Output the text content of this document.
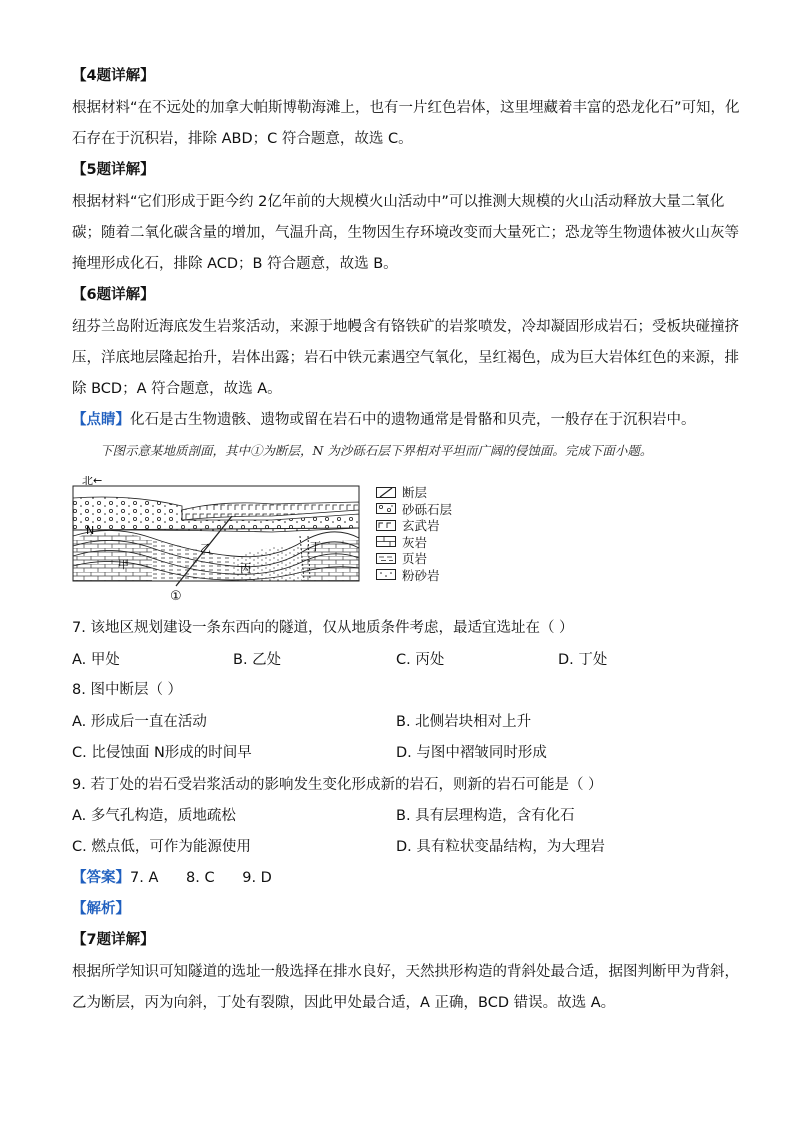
【4题详解】
根据材料“在不远处的加拿大帕斯博勒海滩上，也有一片红色岩体，这里埋藏着丰富的恐龙化石”可知，化
石存在于沉积岩，排除 ABD；C 符合题意，故选 C。
【5题详解】
根据材料“它们形成于距今约 2亿年前的大规模火山活动中”可以推测大规模的火山活动释放大量二氧化
碳；随着二氧化碳含量的增加，气温升高，生物因生存环境改变而大量死亡；恐龙等生物遗体被火山灰等
掩埋形成化石，排除 ACD；B 符合题意，故选 B。
【6题详解】
纽芬兰岛附近海底发生岩浆活动，来源于地幔含有铬铁矿的岩浆喷发，冷却凝固形成岩石；受板块碰撞挤
压，洋底地层隆起抬升，岩体出露；岩石中铁元素遇空气氧化，呈红褐色，成为巨大岩体红色的来源，排
除 BCD；A 符合题意，故选 A。
【点睛】化石是古生物遗骸、遗物或留在岩石中的遗物通常是骨骼和贝壳，一般存在于沉积岩中。
下图示意某地质剖面，其中①为断层，N 为沙砾石层下界相对平坦而广阔的侵蚀面。完成下面小题。
北←
N
甲
乙
丙
丁
①
断层
砂砾石层
玄武岩
灰岩
页岩
粉砂岩
7. 该地区规划建设一条东西向的隧道，仅从地质条件考虑，最适宜选址在（ ）
A. 甲处	B. 乙处	C. 丙处	D. 丁处
8. 图中断层（ ）
A. 形成后一直在活动	B. 北侧岩块相对上升
C. 比侵蚀面 N形成的时间早	D. 与图中褶皱同时形成
9. 若丁处的岩石受岩浆活动的影响发生变化形成新的岩石，则新的岩石可能是（ ）
A. 多气孔构造，质地疏松	B. 具有层理构造，含有化石
C. 燃点低，可作为能源使用	D. 具有粒状变晶结构，为大理岩
【答案】7. A      8. C      9. D
【解析】
【7题详解】
根据所学知识可知隧道的选址一般选择在排水良好，天然拱形构造的背斜处最合适，据图判断甲为背斜，
乙为断层，丙为向斜，丁处有裂隙，因此甲处最合适，A 正确，BCD 错误。故选 A。
